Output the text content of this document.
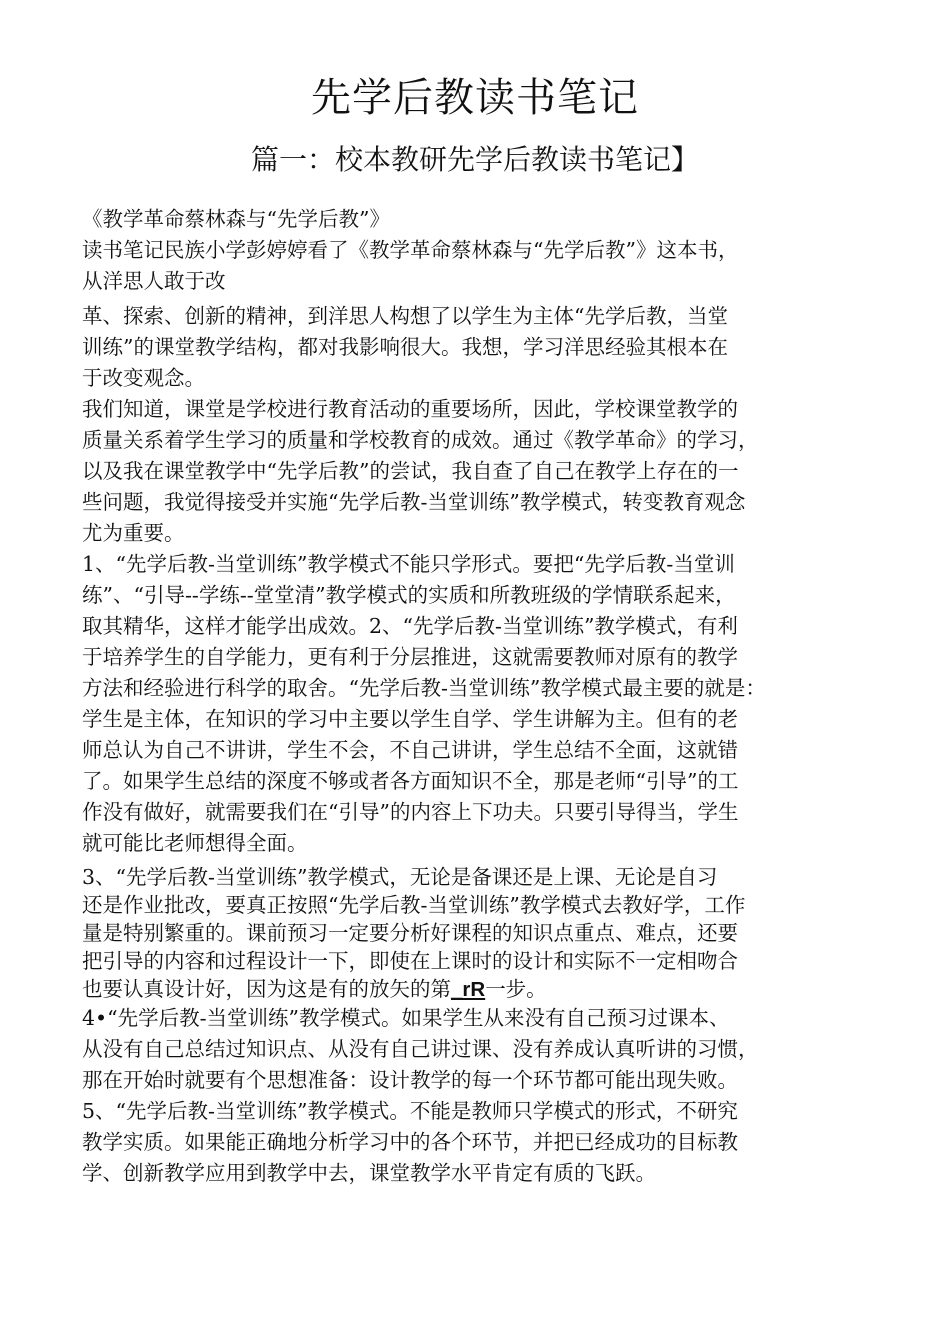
先学后教读书笔记
篇一：校本教研先学后教读书笔记】
《教学革命蔡林森与“先学后教”》
读书笔记民族小学彭婷婷看了《教学革命蔡林森与“先学后教”》这本书，
从洋思人敢于改
革、探索、创新的精神，到洋思人构想了以学生为主体“先学后教，当堂
训练”的课堂教学结构，都对我影响很大。我想，学习洋思经验其根本在
于改变观念。
我们知道，课堂是学校进行教育活动的重要场所，因此，学校课堂教学的
质量关系着学生学习的质量和学校教育的成效。通过《教学革命》的学习，
以及我在课堂教学中“先学后教”的尝试，我自查了自己在教学上存在的一
些问题，我觉得接受并实施“先学后教-当堂训练”教学模式，转变教育观念
尤为重要。
1、“先学后教-当堂训练”教学模式不能只学形式。要把“先学后教-当堂训
练”、“引导--学练--堂堂清”教学模式的实质和所教班级的学情联系起来，
取其精华，这样才能学出成效。2、“先学后教-当堂训练”教学模式，有利
于培养学生的自学能力，更有利于分层推进，这就需要教师对原有的教学
方法和经验进行科学的取舍。“先学后教-当堂训练”教学模式最主要的就是：
学生是主体，在知识的学习中主要以学生自学、学生讲解为主。但有的老
师总认为自己不讲讲，学生不会，不自己讲讲，学生总结不全面，这就错
了。如果学生总结的深度不够或者各方面知识不全，那是老师“引导”的工
作没有做好，就需要我们在“引导”的内容上下功夫。只要引导得当，学生
就可能比老师想得全面。
3、“先学后教-当堂训练”教学模式，无论是备课还是上课、无论是自习
还是作业批改，要真正按照“先学后教-当堂训练”教学模式去教好学，工作
量是特别繁重的。课前预习一定要分析好课程的知识点重点、难点，还要
把引导的内容和过程设计一下，即使在上课时的设计和实际不一定相吻合
也要认真设计好，因为这是有的放矢的第_rR一步。
4•“先学后教-当堂训练”教学模式。如果学生从来没有自己预习过课本、
从没有自己总结过知识点、从没有自己讲过课、没有养成认真听讲的习惯，
那在开始时就要有个思想准备：设计教学的每一个环节都可能出现失败。
5、“先学后教-当堂训练”教学模式。不能是教师只学模式的形式，不研究
教学实质。如果能正确地分析学习中的各个环节，并把已经成功的目标教
学、创新教学应用到教学中去，课堂教学水平肯定有质的飞跃。
